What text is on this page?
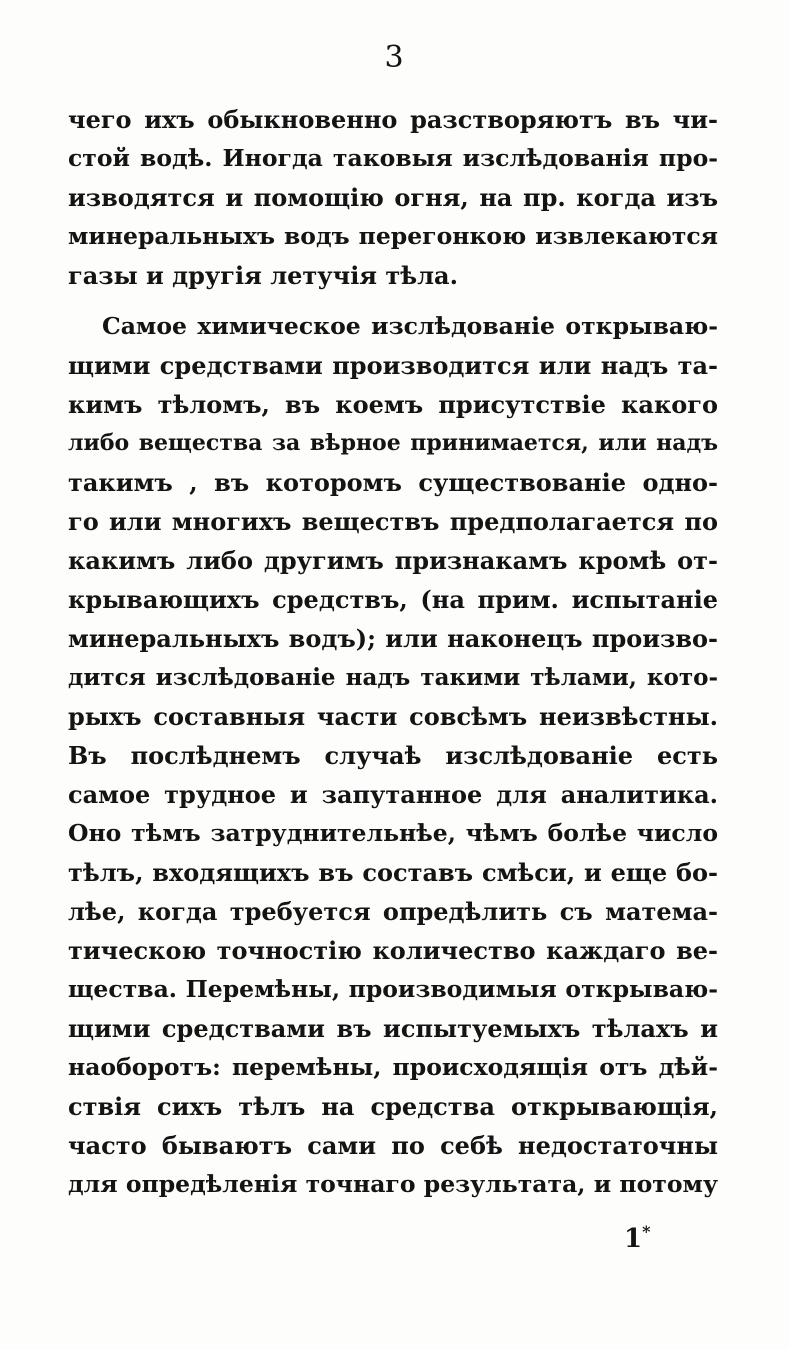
3
чего ихъ обыкновенно разстворяютъ въ чи-
стой водѣ. Иногда таковыя изслѣдованія про-
изводятся и помощію огня, на пр. когда изъ
минеральныхъ водъ перегонкою извлекаются
газы и другія летучія тѣла.
Самое химическое изслѣдованіе открываю-
щими средствами производится или надъ та-
кимъ тѣломъ, въ коемъ присутствіе какого
либо вещества за вѣрное принимается, или надъ
такимъ , въ которомъ существованіе одно-
го или многихъ веществъ предполагается по
какимъ либо другимъ признакамъ кромѣ от-
крывающихъ средствъ, (на прим. испытаніе
минеральныхъ водъ); или наконецъ произво-
дится изслѣдованіе надъ такими тѣлами, кото-
рыхъ составныя части совсѣмъ неизвѣстны.
Въ послѣднемъ случаѣ изслѣдованіе есть
самое трудное и запутанное для аналитика.
Оно тѣмъ затруднительнѣе, чѣмъ болѣе число
тѣлъ, входящихъ въ составъ смѣси, и еще бо-
лѣе, когда требуется опредѣлить съ матема-
тическою точностію количество каждаго ве-
щества. Перемѣны, производимыя открываю-
щими средствами въ испытуемыхъ тѣлахъ и
наоборотъ: перемѣны, происходящія отъ дѣй-
ствія сихъ тѣлъ на средства открывающія,
часто бываютъ сами по себѣ недостаточны
для опредѣленія точнаго результата, и потому
1*
